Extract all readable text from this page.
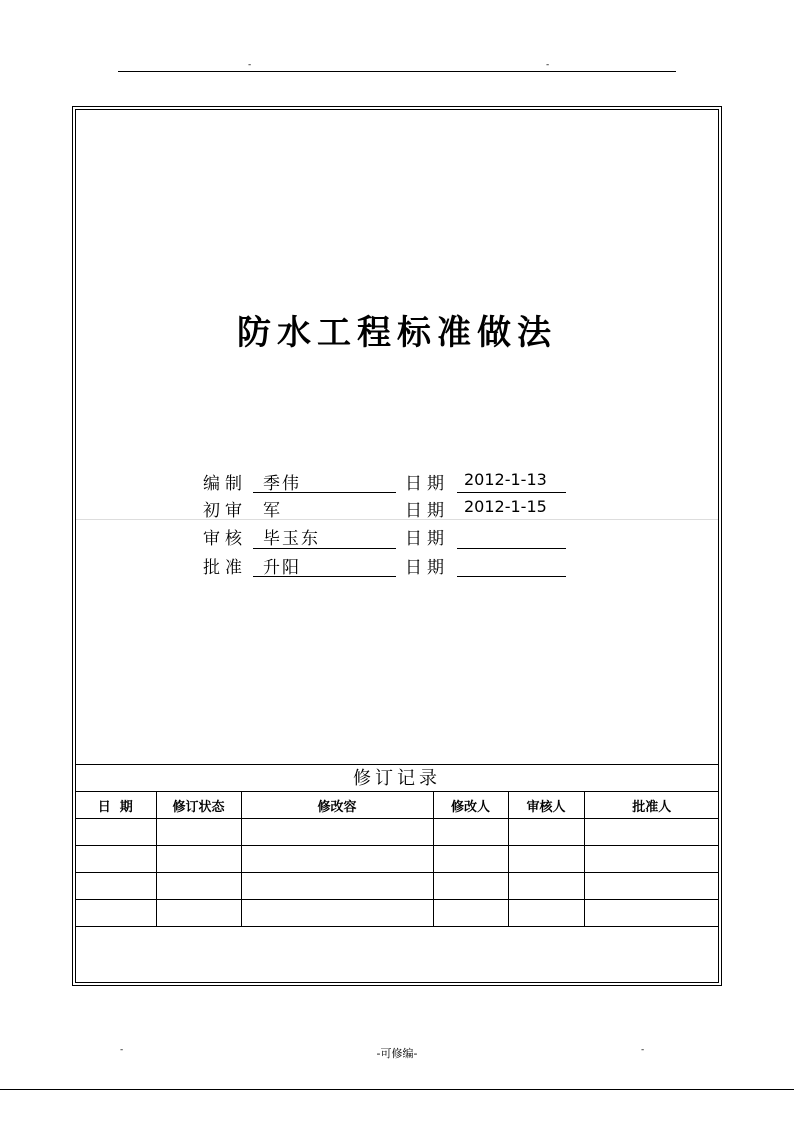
-	-
防水工程标准做法
编制 季伟	日期 2012-1-13
初审 军	日期 2012-1-15
审核 毕玉东	日期
批准 升阳	日期
修订记录
日  期	修订状态	修改容	修改人	审核人	批准人

-	-可修编-	-
